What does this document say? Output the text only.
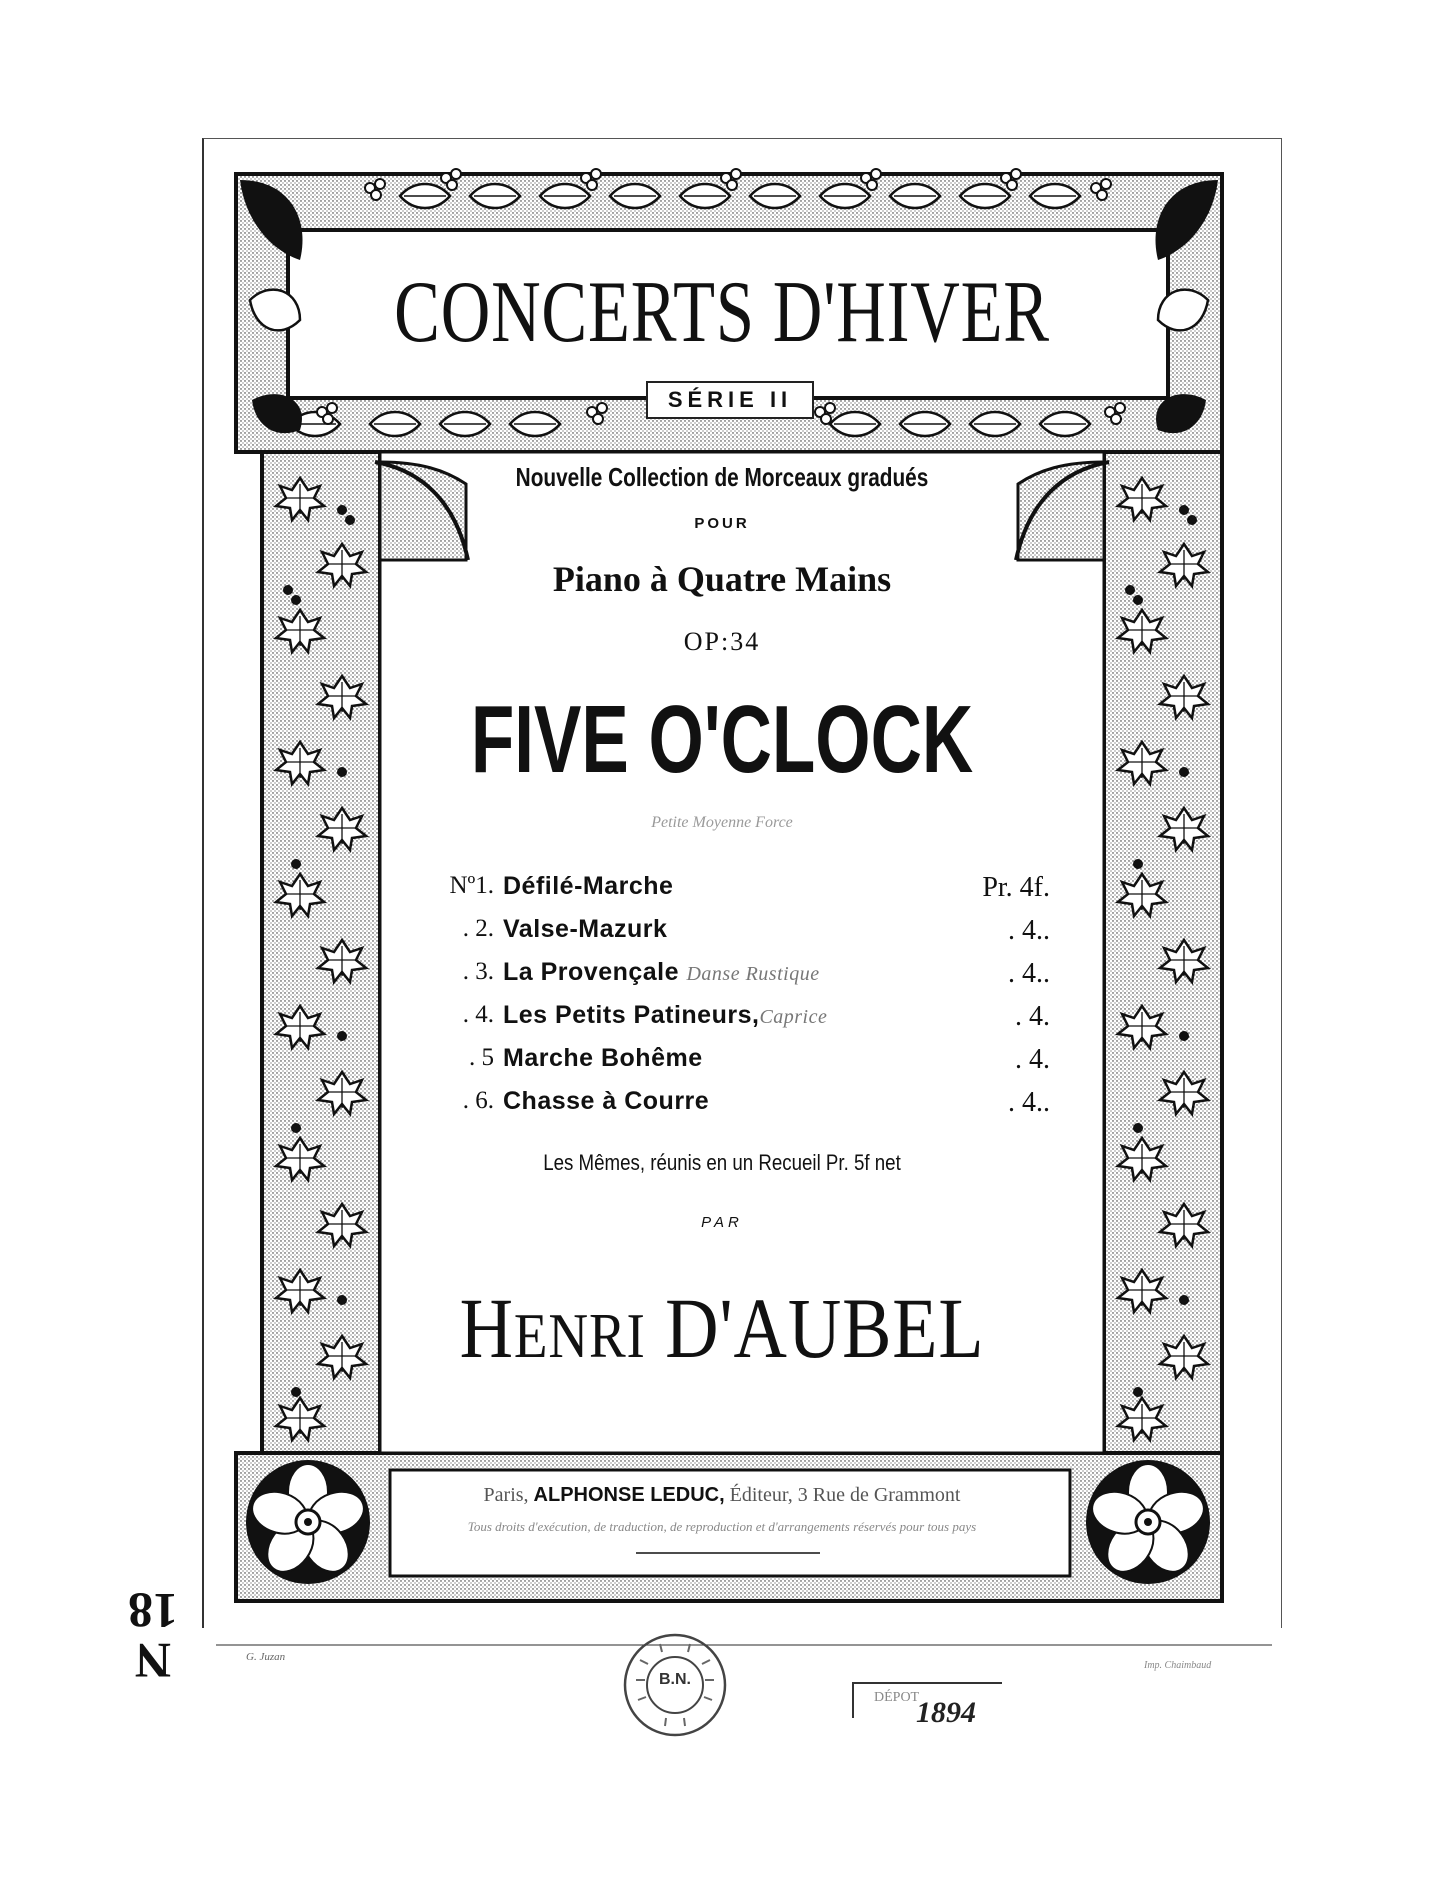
CONCERTS D'HIVER
SÉRIE II
Nouvelle Collection de Morceaux gradués
POUR
Piano à Quatre Mains
OP:34
FIVE O'CLOCK
Petite Moyenne Force
Nº1. Défilé-Marche	Pr. 4f.
. 2. Valse-Mazurk	. 4..
. 3. La Provençale Danse Rustique	. 4..
. 4. Les Petits Patineurs,Caprice	. 4.
. 5 Marche Bohême	. 4.
. 6. Chasse à Courre	. 4..
Les Mêmes, réunis en un Recueil Pr. 5f net
PAR
HENRI D'AUBEL
Paris, ALPHONSE LEDUC, Éditeur, 3 Rue de Grammont
Tous droits d'exécution, de traduction, de reproduction et d'arrangements réservés pour tous pays
G. Juzan
Imp. Chaimbaud
N 18
B.N.
DÉPOT
1894
